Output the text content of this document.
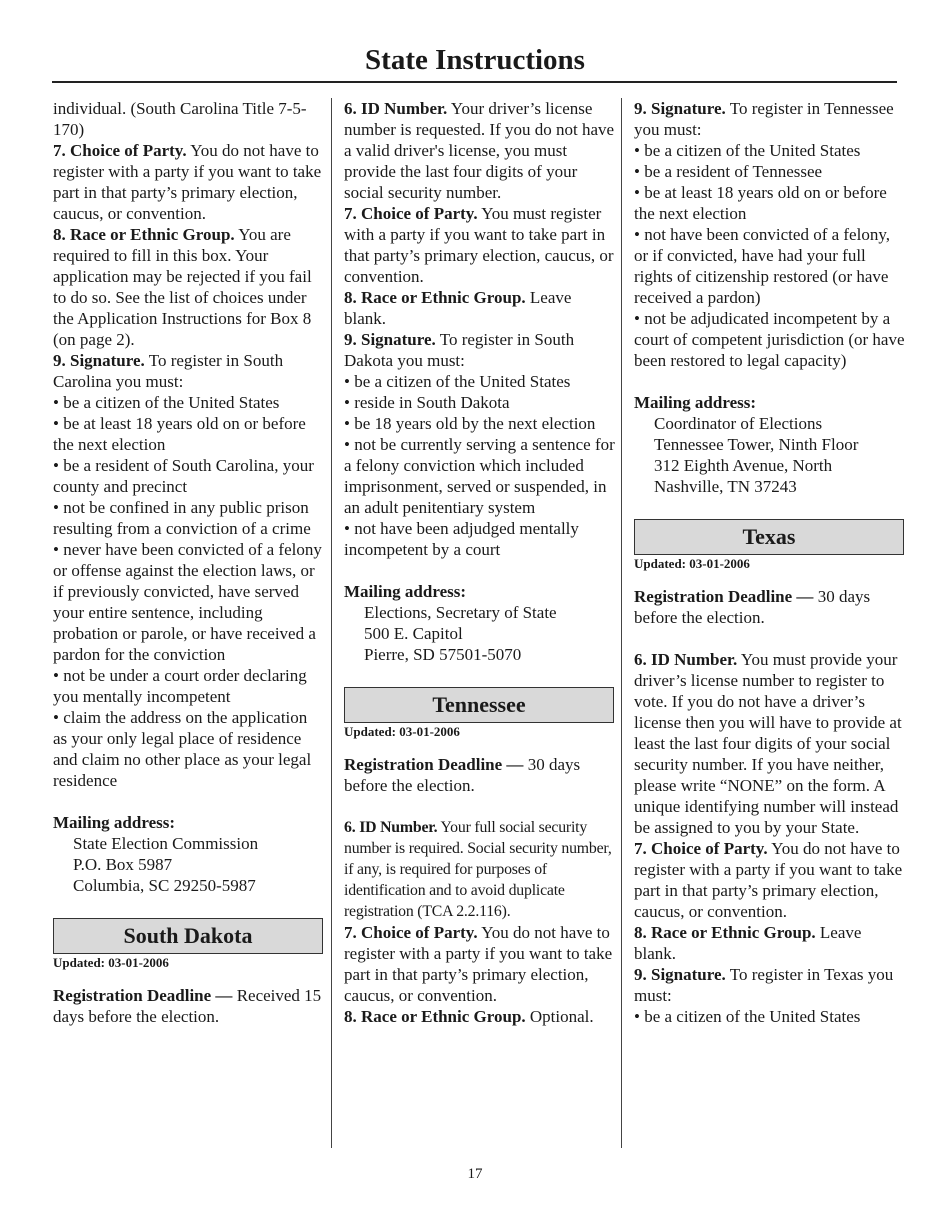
State Instructions

individual. (South Carolina Title 7-5-170)

7. Choice of Party. You do not have to register with a party if you want to take part in that party’s primary election, caucus, or convention.

8. Race or Ethnic Group. You are required to fill in this box. Your application may be rejected if you fail to do so. See the list of choices under the Application Instructions for Box 8 (on page 2).

9. Signature. To register in South Carolina you must:

• be a citizen of the United States

• be at least 18 years old on or before the next election

• be a resident of South Carolina, your county and precinct

• not be confined in any public prison resulting from a conviction of a crime

• never have been convicted of a felony or offense against the election laws, or if previously convicted, have served your entire sentence, including probation or parole, or have received a pardon for the conviction

• not be under a court order declaring you mentally incompetent

• claim the address on the application as your only legal place of residence and claim no other place as your legal residence

Mailing address:

State Election Commission

P.O. Box 5987

Columbia, SC 29250-5987

South Dakota

Updated: 03-01-2006

Registration Deadline — Received 15 days before the election.

6. ID Number. Your driver’s license number is requested. If you do not have a valid driver's license, you must provide the last four digits of your social security number.

7. Choice of Party. You must register with a party if you want to take part in that party’s primary election, caucus, or convention.

8. Race or Ethnic Group. Leave blank.

9. Signature. To register in South Dakota you must:

• be a citizen of the United States

• reside in South Dakota

• be 18 years old by the next election

• not be currently serving a sentence for a felony conviction which included imprisonment, served or suspended, in an adult penitentiary system

• not have been adjudged mentally incompetent by a court

Mailing address:

Elections, Secretary of State

500 E. Capitol

Pierre, SD 57501-5070

Tennessee

Updated: 03-01-2006

Registration Deadline — 30 days before the election.

6. ID Number. Your full social security number is required. Social security number, if any, is required for purposes of identification and to avoid duplicate registration (TCA 2.2.116).

7. Choice of Party. You do not have to register with a party if you want to take part in that party’s primary election, caucus, or convention.

8. Race or Ethnic Group. Optional.

9. Signature. To register in Tennessee you must:

• be a citizen of the United States

• be a resident of Tennessee

• be at least 18 years old on or before the next election

• not have been convicted of a felony, or if convicted, have had your full rights of citizenship restored (or have received a pardon)

• not be adjudicated incompetent by a court of competent jurisdiction (or have been restored to legal capacity)

Mailing address:

Coordinator of Elections

Tennessee Tower, Ninth Floor

312 Eighth Avenue, North

Nashville, TN 37243

Texas

Updated: 03-01-2006

Registration Deadline — 30 days before the election.

6. ID Number. You must provide your driver’s license number to register to vote. If you do not have a driver’s license then you will have to provide at least the last four digits of your social security number. If you have neither, please write “NONE” on the form. A unique identifying number will instead be assigned to you by your State.

7. Choice of Party. You do not have to register with a party if you want to take part in that party’s primary election, caucus, or convention.

8. Race or Ethnic Group. Leave blank.

9. Signature. To register in Texas you must:

• be a citizen of the United States

17
